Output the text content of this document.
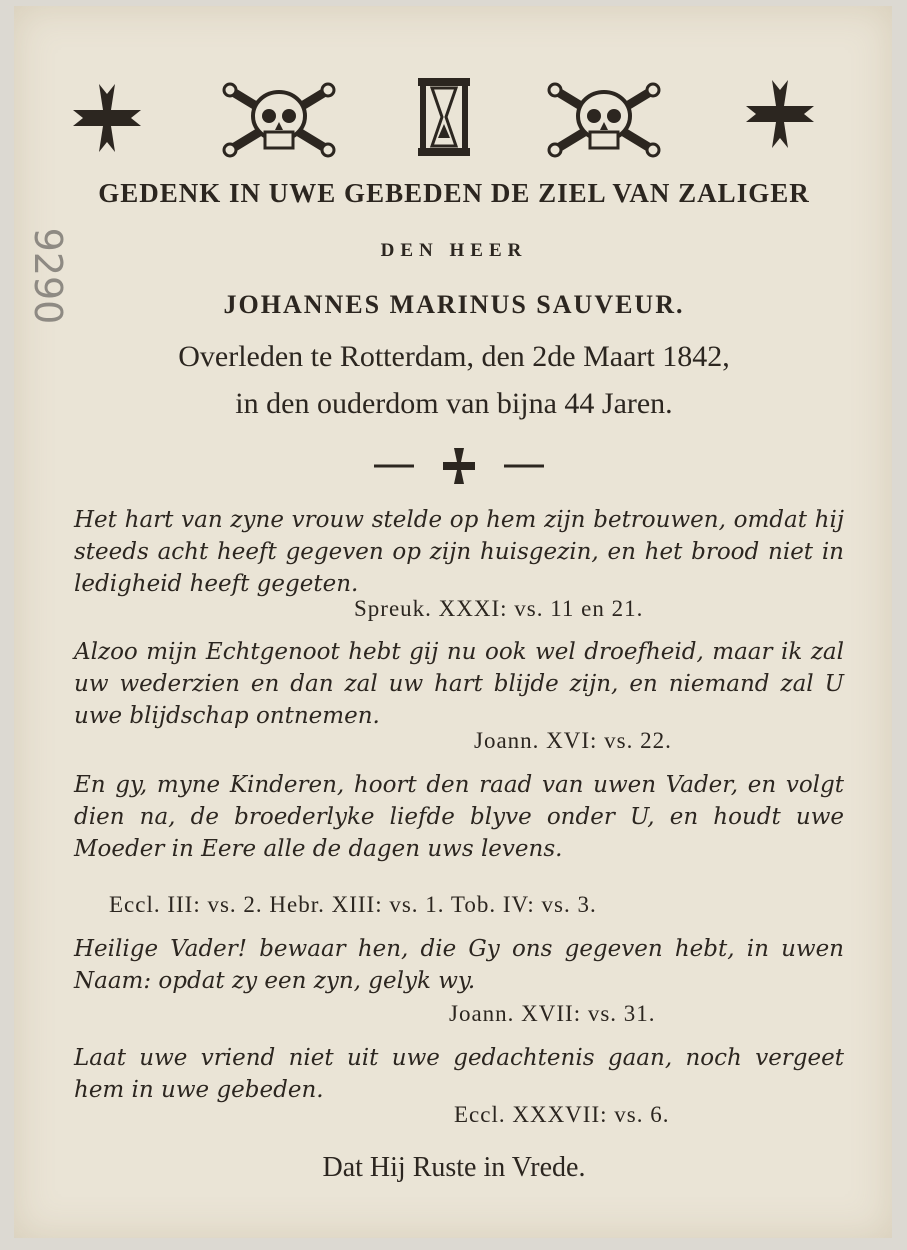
9290
GEDENK IN UWE GEBEDEN DE ZIEL VAN ZALIGER
DEN HEER
JOHANNES MARINUS SAUVEUR.
Overleden te Rotterdam, den 2de Maart 1842,
in den ouderdom van bijna 44 Jaren.
Het hart van zyne vrouw stelde op hem zijn betrouwen, omdat hij steeds acht heeft gegeven op zijn huisgezin, en het brood niet in ledigheid heeft gegeten.
Spreuk. XXXI: vs. 11 en 21.
Alzoo mijn Echtgenoot hebt gij nu ook wel droefheid, maar ik zal uw wederzien en dan zal uw hart blijde zijn, en niemand zal U uwe blijdschap ontnemen.
Joann. XVI: vs. 22.
En gy, myne Kinderen, hoort den raad van uwen Vader, en volgt dien na, de broederlyke liefde blyve onder U, en houdt uwe Moeder in Eere alle de dagen uws levens.
Eccl. III: vs. 2. Hebr. XIII: vs. 1. Tob. IV: vs. 3.
Heilige Vader! bewaar hen, die Gy ons gegeven hebt, in uwen Naam: opdat zy een zyn, gelyk wy.
Joann. XVII: vs. 31.
Laat uwe vriend niet uit uwe gedachtenis gaan, noch vergeet hem in uwe gebeden.
Eccl. XXXVII: vs. 6.
Dat Hij Ruste in Vrede.
